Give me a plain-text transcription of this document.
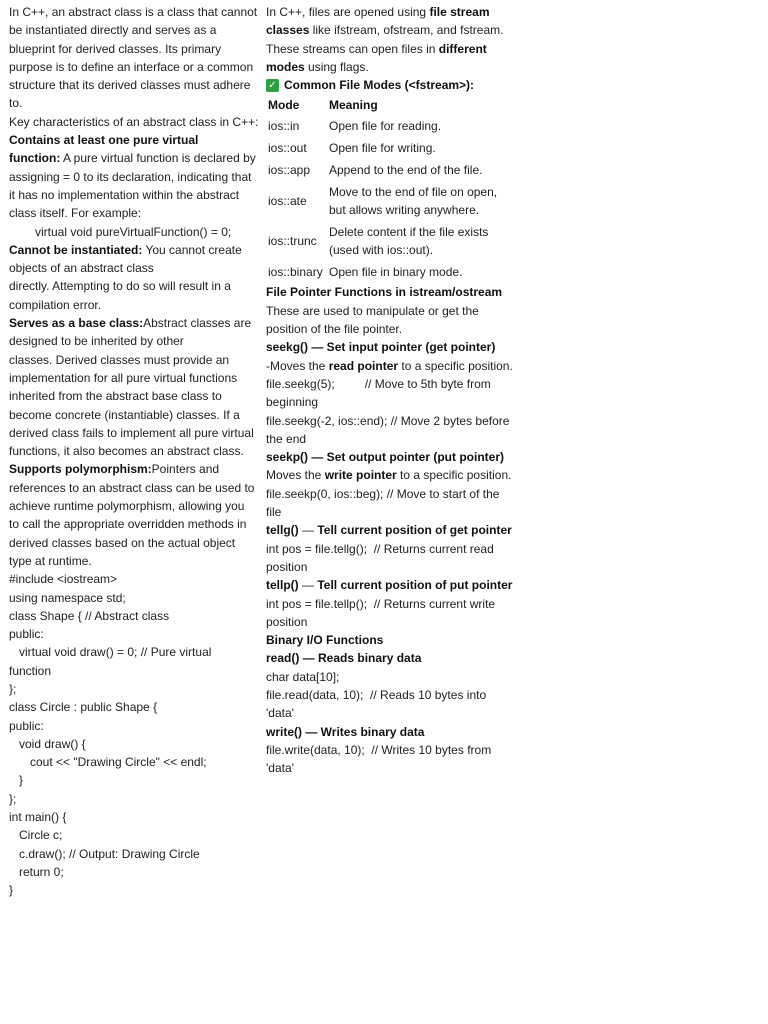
In C++, an abstract class is a class that cannot
be instantiated directly and serves as a
blueprint for derived classes. Its primary
purpose is to define an interface or a common
structure that its derived classes must adhere
to.
Key characteristics of an abstract class in C++:
Contains at least one pure virtual
function: A pure virtual function is declared by
assigning = 0 to its declaration, indicating that
it has no implementation within the abstract
class itself. For example:
virtual void pureVirtualFunction() = 0;
Cannot be instantiated: You cannot create
objects of an abstract class
directly. Attempting to do so will result in a
compilation error.
Serves as a base class:Abstract classes are
designed to be inherited by other
classes. Derived classes must provide an
implementation for all pure virtual functions
inherited from the abstract base class to
become concrete (instantiable) classes. If a
derived class fails to implement all pure virtual
functions, it also becomes an abstract class.
Supports polymorphism:Pointers and
references to an abstract class can be used to
achieve runtime polymorphism, allowing you
to call the appropriate overridden methods in
derived classes based on the actual object
type at runtime.
#include <iostream>
using namespace std;
class Shape { // Abstract class
public:
virtual void draw() = 0; // Pure virtual
function
};
class Circle : public Shape {
public:
void draw() {
cout << "Drawing Circle" << endl;
}
};
int main() {
Circle c;
c.draw(); // Output: Drawing Circle
return 0;
}
In C++, files are opened using file stream
classes like ifstream, ofstream, and fstream.
These streams can open files in different
modes using flags.
✓ Common File Modes (<fstream>):
Mode	Meaning
ios::in	Open file for reading.
ios::out	Open file for writing.
ios::app	Append to the end of the file.
ios::ate	Move to the end of file on open,
but allows writing anywhere.

ios::trunc	Delete content if the file exists
(used with ios::out).

ios::binary	Open file in binary mode.
File Pointer Functions in istream/ostream
These are used to manipulate or get the
position of the file pointer.
seekg() — Set input pointer (get pointer)
-Moves the read pointer to a specific position.
file.seekg(5);         // Move to 5th byte from
beginning
file.seekg(-2, ios::end); // Move 2 bytes before
the end
seekp() — Set output pointer (put pointer)
Moves the write pointer to a specific position.
file.seekp(0, ios::beg); // Move to start of the
file
tellg() — Tell current position of get pointer
int pos = file.tellg();  // Returns current read
position
tellp() — Tell current position of put pointer
int pos = file.tellp();  // Returns current write
position
Binary I/O Functions
read() — Reads binary data
char data[10];
file.read(data, 10);  // Reads 10 bytes into
'data'
write() — Writes binary data
file.write(data, 10);  // Writes 10 bytes from
'data'
